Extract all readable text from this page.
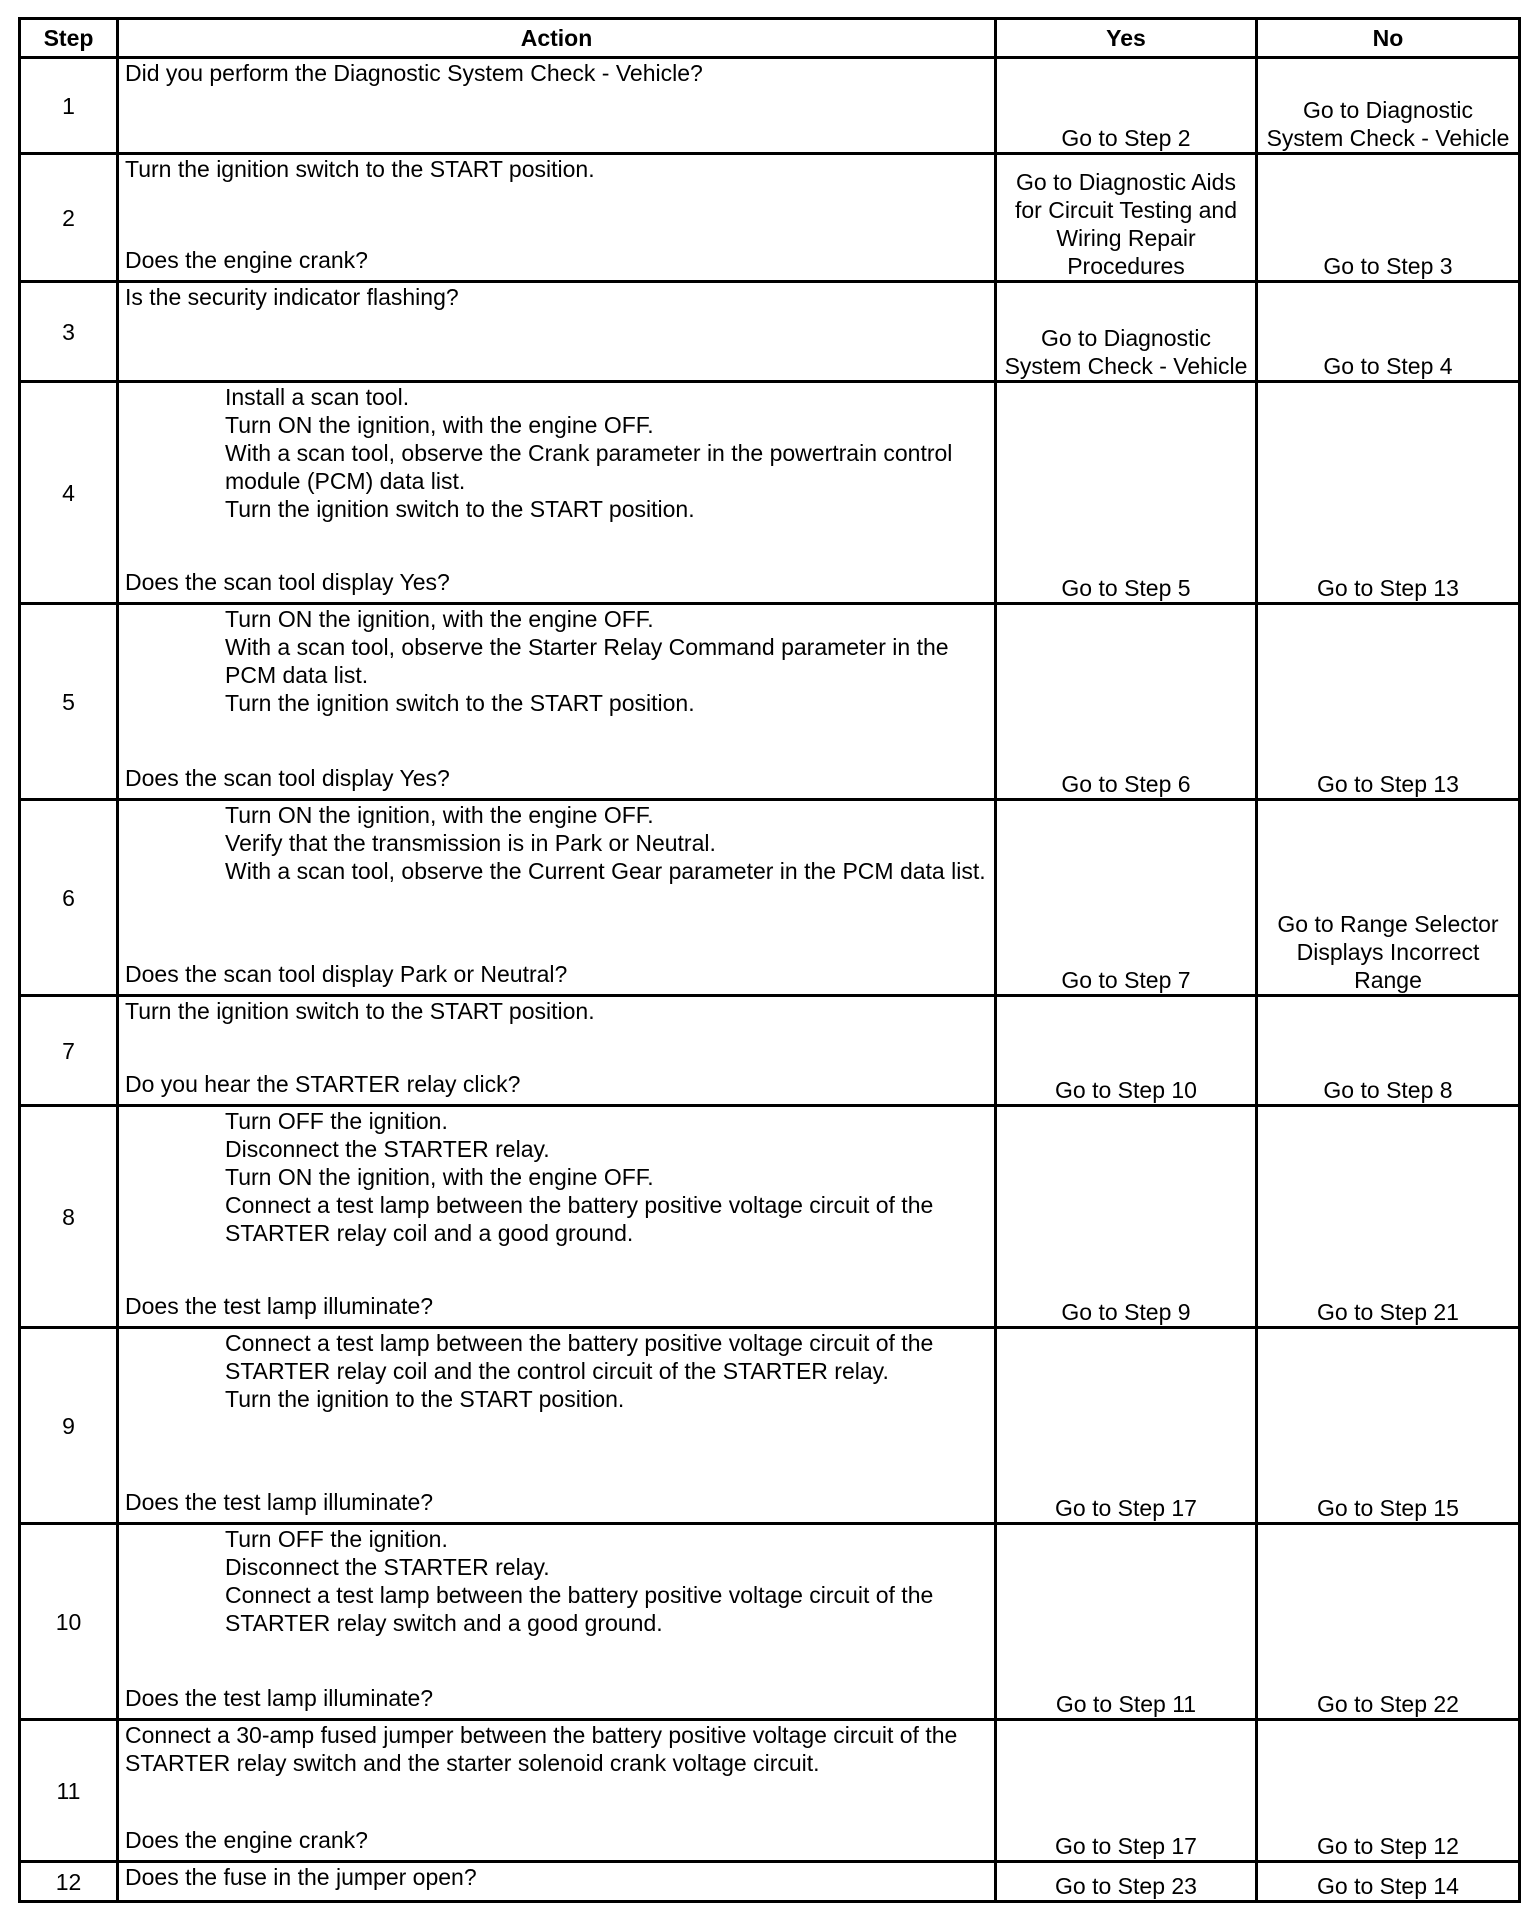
Step	Action	Yes	No
1	Did you perform the Diagnostic System Check - Vehicle?	Go to Step 2	Go to Diagnostic System Check - Vehicle
2	Turn the ignition switch to the START position.
Does the engine crank?	Go to Diagnostic Aids for Circuit Testing and Wiring Repair Procedures	Go to Step 3
3	Is the security indicator flashing?	Go to Diagnostic System Check - Vehicle	Go to Step 4
4	Install a scan tool.
Turn ON the ignition, with the engine OFF.
With a scan tool, observe the Crank parameter in the powertrain control module (PCM) data list.
Turn the ignition switch to the START position.
Does the scan tool display Yes?	Go to Step 5	Go to Step 13
5	Turn ON the ignition, with the engine OFF.
With a scan tool, observe the Starter Relay Command parameter in the PCM data list.
Turn the ignition switch to the START position.
Does the scan tool display Yes?	Go to Step 6	Go to Step 13
6	Turn ON the ignition, with the engine OFF.
Verify that the transmission is in Park or Neutral.
With a scan tool, observe the Current Gear parameter in the PCM data list.
Does the scan tool display Park or Neutral?	Go to Step 7	Go to Range Selector Displays Incorrect Range
7	Turn the ignition switch to the START position.
Do you hear the STARTER relay click?	Go to Step 10	Go to Step 8
8	Turn OFF the ignition.
Disconnect the STARTER relay.
Turn ON the ignition, with the engine OFF.
Connect a test lamp between the battery positive voltage circuit of the STARTER relay coil and a good ground.
Does the test lamp illuminate?	Go to Step 9	Go to Step 21
9	Connect a test lamp between the battery positive voltage circuit of the STARTER relay coil and the control circuit of the STARTER relay.
Turn the ignition to the START position.
Does the test lamp illuminate?	Go to Step 17	Go to Step 15
10	Turn OFF the ignition.
Disconnect the STARTER relay.
Connect a test lamp between the battery positive voltage circuit of the STARTER relay switch and a good ground.
Does the test lamp illuminate?	Go to Step 11	Go to Step 22
11	Connect a 30-amp fused jumper between the battery positive voltage circuit of the STARTER relay switch and the starter solenoid crank voltage circuit.
Does the engine crank?	Go to Step 17	Go to Step 12
12	Does the fuse in the jumper open?	Go to Step 23	Go to Step 14
